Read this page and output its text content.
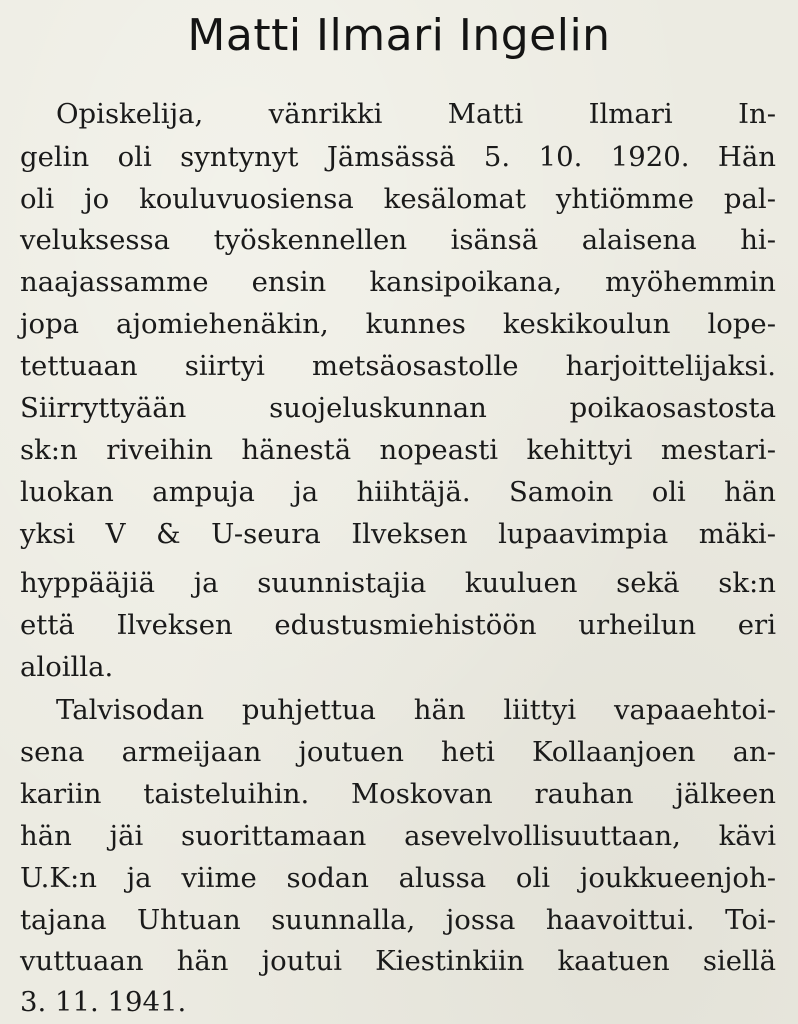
Matti Ilmari Ingelin
Opiskelija, vänrikki Matti Ilmari In-
gelin oli syntynyt Jämsässä 5. 10. 1920. Hän
oli jo kouluvuosiensa kesälomat yhtiömme pal-
veluksessa työskennellen isänsä alaisena hi-
naajassamme ensin kansipoikana, myöhemmin
jopa ajomiehenäkin, kunnes keskikoulun lope-
tettuaan siirtyi metsäosastolle harjoittelijaksi.
Siirryttyään suojeluskunnan poikaosastosta
sk:n riveihin hänestä nopeasti kehittyi mestari-
luokan ampuja ja hiihtäjä. Samoin oli hän
yksi V & U-seura Ilveksen lupaavimpia mäki-
hyppääjiä ja suunnistajia kuuluen sekä sk:n
että Ilveksen edustusmiehistöön urheilun eri
aloilla.
Talvisodan puhjettua hän liittyi vapaaehtoi-
sena armeijaan joutuen heti Kollaanjoen an-
kariin taisteluihin. Moskovan rauhan jälkeen
hän jäi suorittamaan asevelvollisuuttaan, kävi
U.K:n ja viime sodan alussa oli joukkueenjoh-
tajana Uhtuan suunnalla, jossa haavoittui. Toi-
vuttuaan hän joutui Kiestinkiin kaatuen siellä
3. 11. 1941.
